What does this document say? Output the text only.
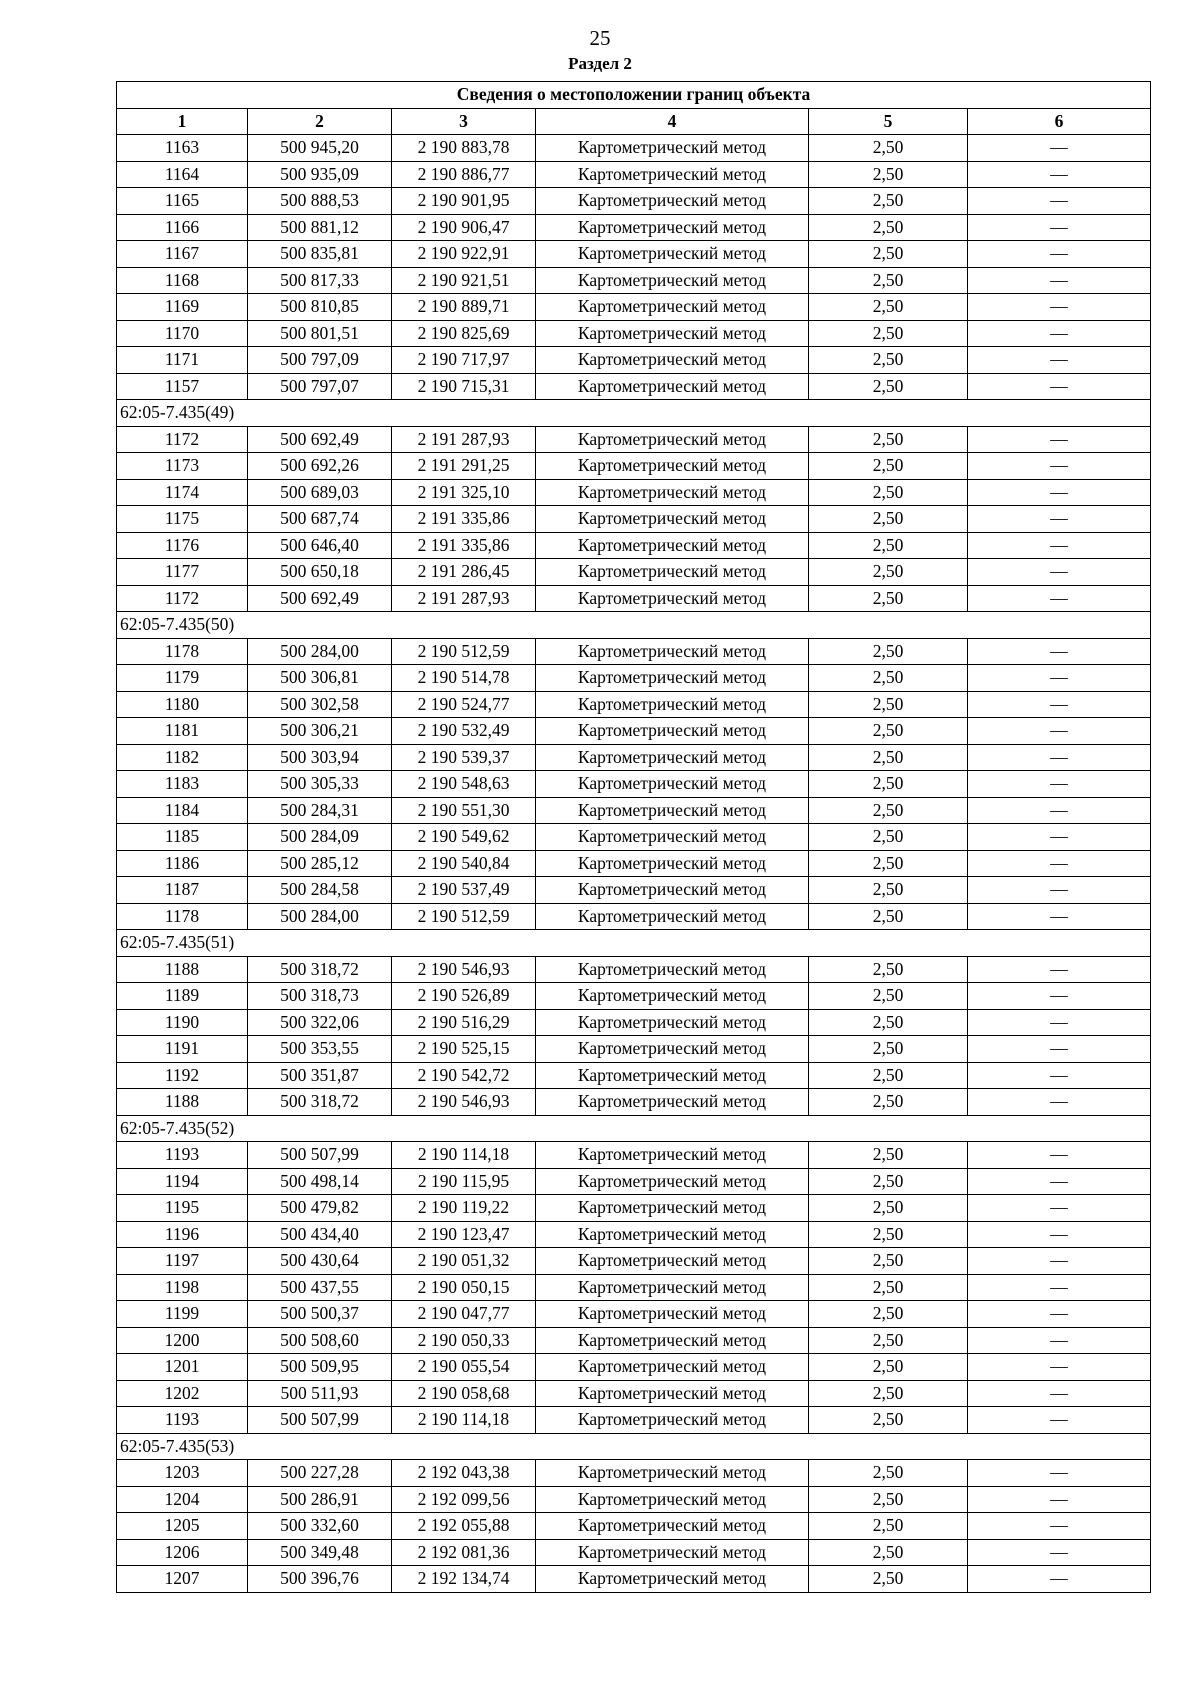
25
Раздел 2
Сведения о местоположении границ объекта					
1	2	3	4	5	6
1163	500 945,20	2 190 883,78	Картометрический метод	2,50	—
1164	500 935,09	2 190 886,77	Картометрический метод	2,50	—
1165	500 888,53	2 190 901,95	Картометрический метод	2,50	—
1166	500 881,12	2 190 906,47	Картометрический метод	2,50	—
1167	500 835,81	2 190 922,91	Картометрический метод	2,50	—
1168	500 817,33	2 190 921,51	Картометрический метод	2,50	—
1169	500 810,85	2 190 889,71	Картометрический метод	2,50	—
1170	500 801,51	2 190 825,69	Картометрический метод	2,50	—
1171	500 797,09	2 190 717,97	Картометрический метод	2,50	—
1157	500 797,07	2 190 715,31	Картометрический метод	2,50	—
62:05-7.435(49)					
1172	500 692,49	2 191 287,93	Картометрический метод	2,50	—
1173	500 692,26	2 191 291,25	Картометрический метод	2,50	—
1174	500 689,03	2 191 325,10	Картометрический метод	2,50	—
1175	500 687,74	2 191 335,86	Картометрический метод	2,50	—
1176	500 646,40	2 191 335,86	Картометрический метод	2,50	—
1177	500 650,18	2 191 286,45	Картометрический метод	2,50	—
1172	500 692,49	2 191 287,93	Картометрический метод	2,50	—
62:05-7.435(50)					
1178	500 284,00	2 190 512,59	Картометрический метод	2,50	—
1179	500 306,81	2 190 514,78	Картометрический метод	2,50	—
1180	500 302,58	2 190 524,77	Картометрический метод	2,50	—
1181	500 306,21	2 190 532,49	Картометрический метод	2,50	—
1182	500 303,94	2 190 539,37	Картометрический метод	2,50	—
1183	500 305,33	2 190 548,63	Картометрический метод	2,50	—
1184	500 284,31	2 190 551,30	Картометрический метод	2,50	—
1185	500 284,09	2 190 549,62	Картометрический метод	2,50	—
1186	500 285,12	2 190 540,84	Картометрический метод	2,50	—
1187	500 284,58	2 190 537,49	Картометрический метод	2,50	—
1178	500 284,00	2 190 512,59	Картометрический метод	2,50	—
62:05-7.435(51)					
1188	500 318,72	2 190 546,93	Картометрический метод	2,50	—
1189	500 318,73	2 190 526,89	Картометрический метод	2,50	—
1190	500 322,06	2 190 516,29	Картометрический метод	2,50	—
1191	500 353,55	2 190 525,15	Картометрический метод	2,50	—
1192	500 351,87	2 190 542,72	Картометрический метод	2,50	—
1188	500 318,72	2 190 546,93	Картометрический метод	2,50	—
62:05-7.435(52)					
1193	500 507,99	2 190 114,18	Картометрический метод	2,50	—
1194	500 498,14	2 190 115,95	Картометрический метод	2,50	—
1195	500 479,82	2 190 119,22	Картометрический метод	2,50	—
1196	500 434,40	2 190 123,47	Картометрический метод	2,50	—
1197	500 430,64	2 190 051,32	Картометрический метод	2,50	—
1198	500 437,55	2 190 050,15	Картометрический метод	2,50	—
1199	500 500,37	2 190 047,77	Картометрический метод	2,50	—
1200	500 508,60	2 190 050,33	Картометрический метод	2,50	—
1201	500 509,95	2 190 055,54	Картометрический метод	2,50	—
1202	500 511,93	2 190 058,68	Картометрический метод	2,50	—
1193	500 507,99	2 190 114,18	Картометрический метод	2,50	—
62:05-7.435(53)					
1203	500 227,28	2 192 043,38	Картометрический метод	2,50	—
1204	500 286,91	2 192 099,56	Картометрический метод	2,50	—
1205	500 332,60	2 192 055,88	Картометрический метод	2,50	—
1206	500 349,48	2 192 081,36	Картометрический метод	2,50	—
1207	500 396,76	2 192 134,74	Картометрический метод	2,50	—
